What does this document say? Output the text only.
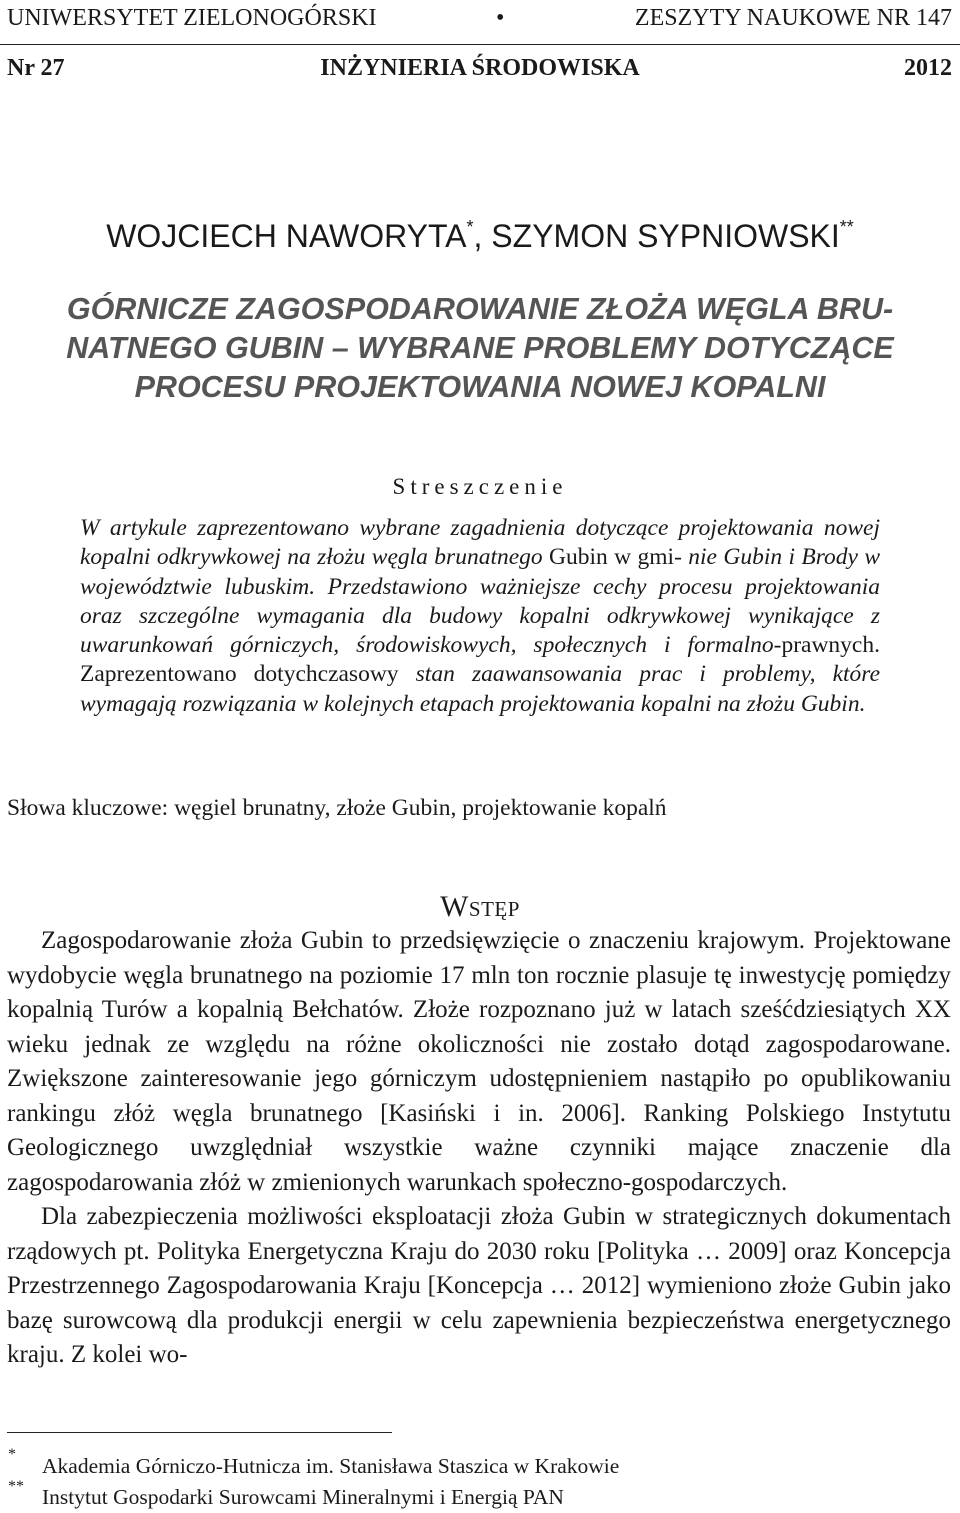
UNIWERSYTET ZIELONOGÓRSKI	•	ZESZYTY NAUKOWE NR 147
Nr 27	INŻYNIERIA ŚRODOWISKA	2012
WOJCIECH NAWORYTA*, SZYMON SYPNIOWSKI**
GÓRNICZE ZAGOSPODAROWANIE ZŁOŻA WĘGLA BRU-
NATNEGO GUBIN – WYBRANE PROBLEMY DOTYCZĄCE
PROCESU PROJEKTOWANIA NOWEJ KOPALNI
Streszczenie

W artykule zaprezentowano wybrane zagadnienia dotyczące projektowania nowej kopalni odkrywkowej na złożu węgla brunatnego Gubin w gmi- nie Gubin i Brody w województwie lubuskim. Przedstawiono ważniejsze cechy procesu projektowania oraz szczególne wymagania dla budowy kopalni odkrywkowej wynikające z uwarunkowań górniczych, środowiskowych, społecznych i formalno-prawnych. Zaprezentowano dotychczasowy stan zaawansowania prac i problemy, które wymagają rozwiązania w kolejnych etapach projektowania kopalni na złożu Gubin.

Słowa kluczowe: węgiel brunatny, złoże Gubin, projektowanie kopalń
Wstęp

Zagospodarowanie złoża Gubin to przedsięwzięcie o znaczeniu krajowym. Projektowane wydobycie węgla brunatnego na poziomie 17 mln ton rocznie plasuje tę inwestycję pomiędzy kopalnią Turów a kopalnią Bełchatów. Złoże rozpoznano już w latach sześćdziesiątych XX wieku jednak ze względu na różne okoliczności nie zostało dotąd zagospodarowane. Zwiększone zainteresowanie jego górniczym udostępnieniem nastąpiło po opublikowaniu rankingu złóż węgla brunatnego [Kasiński i in. 2006]. Ranking Polskiego Instytutu Geologicznego uwzględniał wszystkie ważne czynniki mające znaczenie dla zagospodarowania złóż w zmienionych warunkach społeczno-gospodarczych.

Dla zabezpieczenia możliwości eksploatacji złoża Gubin w strategicznych dokumentach rządowych pt. Polityka Energetyczna Kraju do 2030 roku [Polityka … 2009] oraz Koncepcja Przestrzennego Zagospodarowania Kraju [Koncepcja … 2012] wymieniono złoże Gubin jako bazę surowcową dla produkcji energii w celu zapewnienia bezpieczeństwa energetycznego kraju. Z kolei wo-

* Akademia Górniczo-Hutnicza im. Stanisława Staszica w Krakowie
** Instytut Gospodarki Surowcami Mineralnymi i Energią PAN
